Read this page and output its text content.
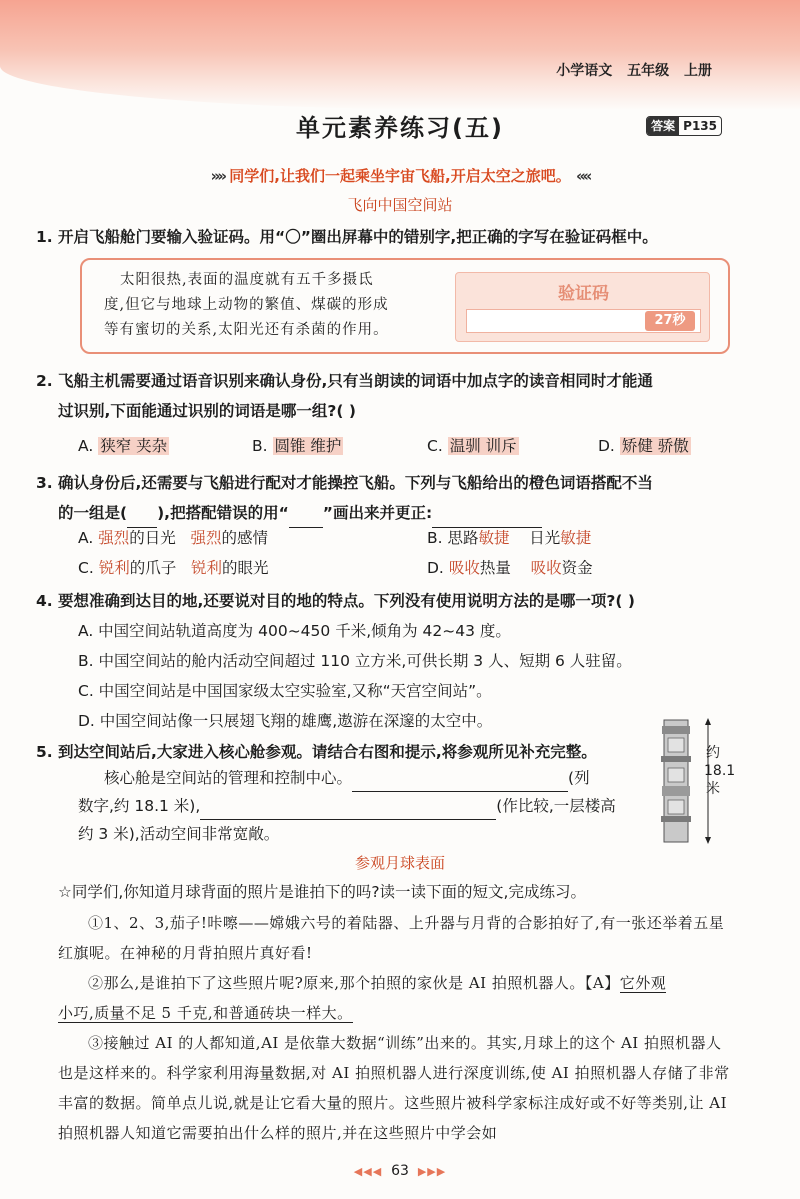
小学语文 五年级 上册
单元素养练习(五)	答案 P135
»» 同学们,让我们一起乘坐宇宙飞船,开启太空之旅吧。 ««
飞向中国空间站
1. 开启飞船舱门要输入验证码。用“〇”圈出屏幕中的错别字,把正确的字写在验证码框中。
太阳很热,表面的温度就有五千多摄氐
度,但它与地球上动物的繁值、煤碳的形成
等有蜜切的关系,太阳光还有杀菌的作用。
验证码
27秒
2. 飞船主机需要通过语音识别来确认身份,只有当朗读的词语中加点字的读音相同时才能通
过识别,下面能通过识别的词语是哪一组?( )
A. 狭窄 夹杂	B. 圆锥 维护	C. 温驯 训斥	D. 矫健 骄傲
3. 确认身份后,还需要与飞船进行配对才能操控飞船。下列与飞船给出的橙色词语搭配不当
的一组是( ),把搭配错误的用“ ”画出来并更正:
A. 强烈的日光 强烈的感情	B. 思路敏捷 日光敏捷
C. 锐利的爪子 锐利的眼光	D. 吸收热量 吸收资金
4. 要想准确到达目的地,还要说对目的地的特点。下列没有使用说明方法的是哪一项?( )
A. 中国空间站轨道高度为 400~450 千米,倾角为 42~43 度。
B. 中国空间站的舱内活动空间超过 110 立方米,可供长期 3 人、短期 6 人驻留。
C. 中国空间站是中国国家级太空实验室,又称“天宫空间站”。
D. 中国空间站像一只展翅飞翔的雄鹰,遨游在深邃的太空中。
5. 到达空间站后,大家进入核心舱参观。请结合右图和提示,将参观所见补充完整。
核心舱是空间站的管理和控制中心。	(列
数字,约 18.1 米),	(作比较,一层楼高
约 3 米),活动空间非常宽敞。
约18.1米
参观月球表面
☆同学们,你知道月球背面的照片是谁拍下的吗?读一读下面的短文,完成练习。
①1、2、3,茄子!咔嚓——嫦娥六号的着陆器、上升器与月背的合影拍好了,有一张还举着五星红旗呢。在神秘的月背拍照片真好看!
②那么,是谁拍下了这些照片呢?原来,那个拍照的家伙是 AI 拍照机器人。【A】它外观
小巧,质量不足 5 千克,和普通砖块一样大。
③接触过 AI 的人都知道,AI 是依靠大数据“训练”出来的。其实,月球上的这个 AI 拍照机器人也是这样来的。科学家利用海量数据,对 AI 拍照机器人进行深度训练,使 AI 拍照机器人存储了非常丰富的数据。简单点儿说,就是让它看大量的照片。这些照片被科学家标注成好或不好等类别,让 AI 拍照机器人知道它需要拍出什么样的照片,并在这些照片中学会如
◀◀◀ 63 ▶▶▶
